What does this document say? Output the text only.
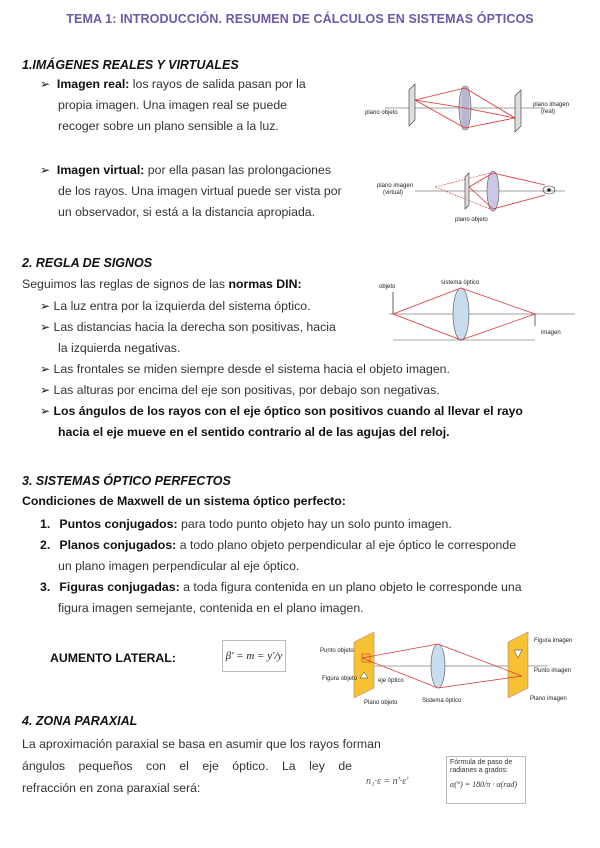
TEMA 1: INTRODUCCIÓN. RESUMEN DE CÁLCULOS EN SISTEMAS ÓPTICOS
1.IMÁGENES REALES Y VIRTUALES
➢ Imagen real: los rayos de salida pasan por la
propia imagen. Una imagen real se puede
recoger sobre un plano sensible a la luz.
➢ Imagen virtual: por ella pasan las prolongaciones
de los rayos. Una imagen virtual puede ser vista por
un observador, si está a la distancia apropiada.
plano objeto
plano imagen
(real)
plano imagen
(virtual)
plano objeto
2. REGLA DE SIGNOS
Seguimos las reglas de signos de las normas DIN:
➢ La luz entra por la izquierda del sistema óptico.
➢ Las distancias hacia la derecha son positivas, hacia
la izquierda negativas.
➢ Las frontales se miden siempre desde el sistema hacia el objeto imagen.
➢ Las alturas por encima del eje son positivas, por debajo son negativas.
➢ Los ángulos de los rayos con el eje óptico son positivos cuando al llevar el rayo
hacia el eje mueve en el sentido contrario al de las agujas del reloj.
objeto
sistema óptico
imagen
3. SISTEMAS ÓPTICO PERFECTOS
Condiciones de Maxwell de un sistema óptico perfecto:
1. Puntos conjugados: para todo punto objeto hay un solo punto imagen.
2. Planos conjugados: a todo plano objeto perpendicular al eje óptico le corresponde
un plano imagen perpendicular al eje óptico.
3. Figuras conjugadas: a toda figura contenida en un plano objeto le corresponde una
figura imagen semejante, contenida en el plano imagen.
AUMENTO LATERAL:	β' = m = y'/y	Punto objeto
Figura objeto	eje óptico
Plano objeto	Sistema óptico
Figura imagen
Punto imagen
Plano imagen
4. ZONA PARAXIAL
La aproximación paraxial se basa en asumir que los rayos forman
ángulos pequeños con el eje óptico. La ley de
refracción en zona paraxial será:	n₁·ε = n'·ε'
Fórmula de paso de radianes a grados:
α(°) = 180/π · α(rad)
